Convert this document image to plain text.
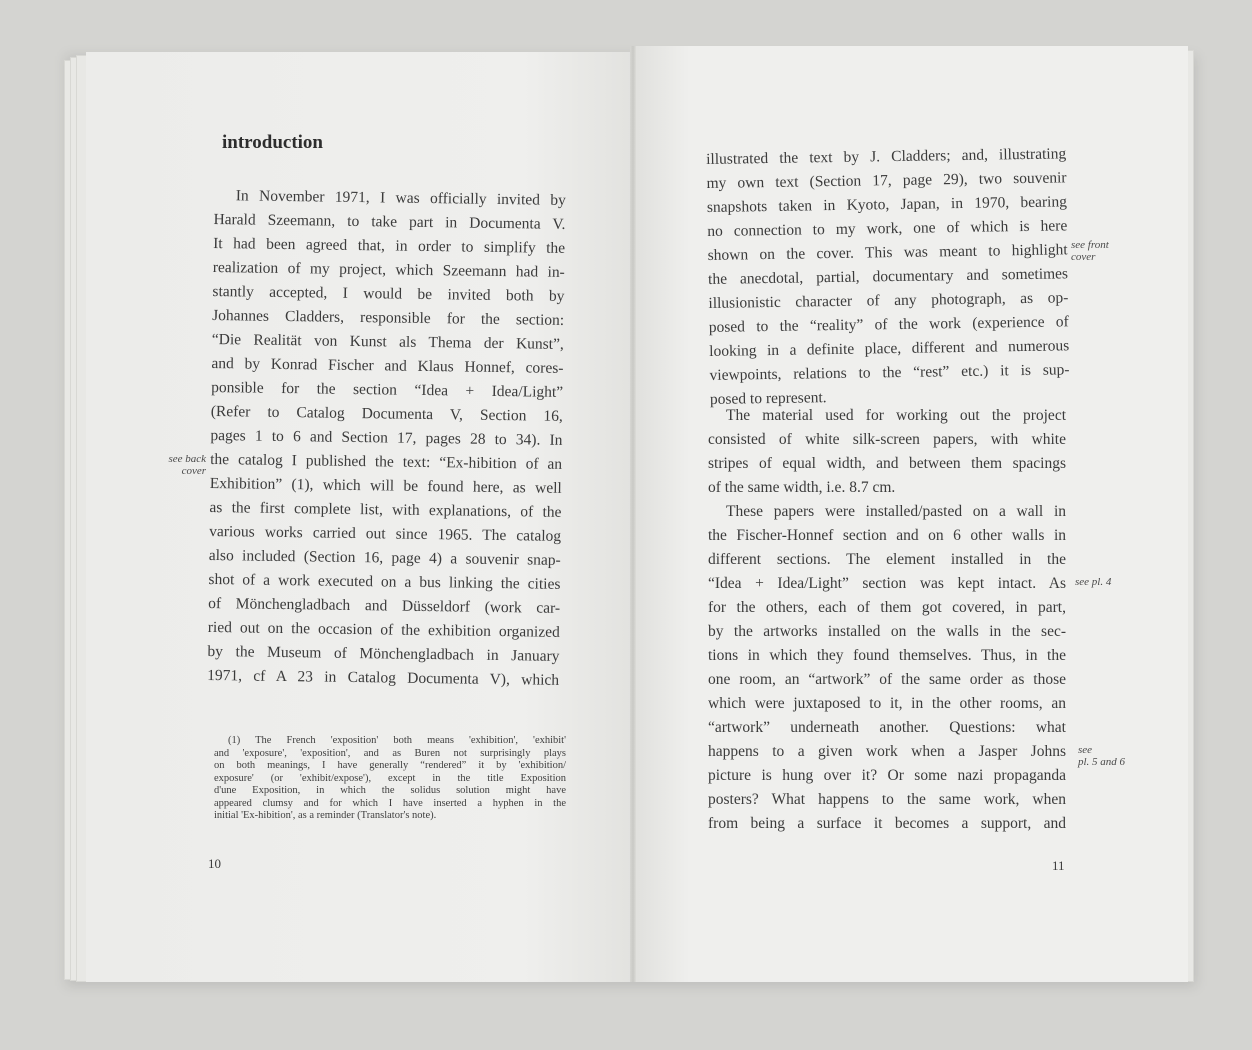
introduction
In November 1971, I was officially invited by
Harald Szeemann, to take part in Documenta V.
It had been agreed that, in order to simplify the
realization of my project, which Szeemann had in-
stantly accepted, I would be invited both by
Johannes Cladders, responsible for the section:
“Die Realität von Kunst als Thema der Kunst”,
and by Konrad Fischer and Klaus Honnef, cores-
ponsible for the section “Idea + Idea/Light”
(Refer to Catalog Documenta V, Section 16,
pages 1 to 6 and Section 17, pages 28 to 34). In
the catalog I published the text: “Ex-hibition of an
Exhibition” (1), which will be found here, as well
as the first complete list, with explanations, of the
various works carried out since 1965. The catalog
also included (Section 16, page 4) a souvenir snap-
shot of a work executed on a bus linking the cities
of Mönchengladbach and Düsseldorf (work car-
ried out on the occasion of the exhibition organized
by the Museum of Mönchengladbach in January
1971, cf A 23 in Catalog Documenta V), which
see back
cover
(1) The French 'exposition' both means 'exhibition', 'exhibit'
and 'exposure', 'exposition', and as Buren not surprisingly plays
on both meanings, I have generally “rendered” it by 'exhibition/
exposure' (or 'exhibit/expose'), except in the title Exposition
d'une Exposition, in which the solidus solution might have
appeared clumsy and for which I have inserted a hyphen in the
initial 'Ex-hibition', as a reminder (Translator's note).
10
illustrated the text by J. Cladders; and, illustrating
my own text (Section 17, page 29), two souvenir
snapshots taken in Kyoto, Japan, in 1970, bearing
no connection to my work, one of which is here
shown on the cover. This was meant to highlight
the anecdotal, partial, documentary and sometimes
illusionistic character of any photograph, as op-
posed to the “reality” of the work (experience of
looking in a definite place, different and numerous
viewpoints, relations to the “rest” etc.) it is sup-
posed to represent.
The material used for working out the project
consisted of white silk-screen papers, with white
stripes of equal width, and between them spacings
of the same width, i.e. 8.7 cm.
These papers were installed/pasted on a wall in
the Fischer-Honnef section and on 6 other walls in
different sections. The element installed in the
“Idea + Idea/Light” section was kept intact. As
for the others, each of them got covered, in part,
by the artworks installed on the walls in the sec-
tions in which they found themselves. Thus, in the
one room, an “artwork” of the same order as those
which were juxtaposed to it, in the other rooms, an
“artwork” underneath another. Questions: what
happens to a given work when a Jasper Johns
picture is hung over it? Or some nazi propaganda
posters? What happens to the same work, when
from being a surface it becomes a support, and
see front
cover
see pl. 4
see
pl. 5 and 6
11
